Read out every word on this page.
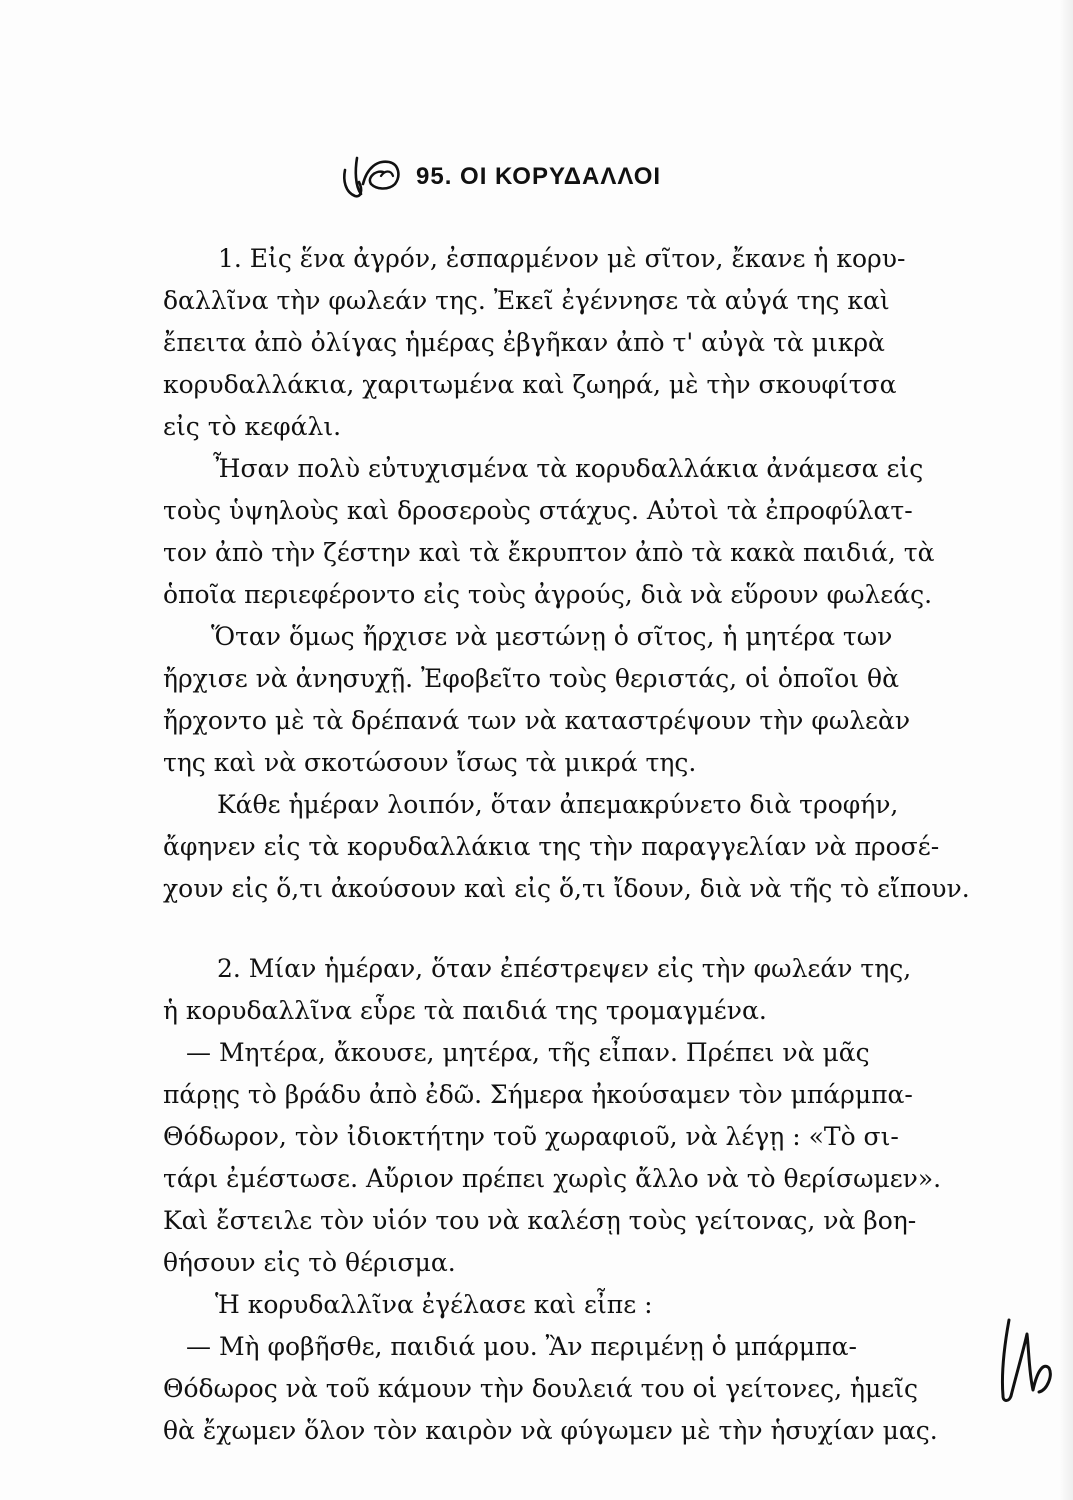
95. ΟΙ ΚΟΡΥΔΑΛΛΟΙ
1. Εἰς ἕνα ἀγρόν, ἐσπαρμένον μὲ σῖτον, ἔκανε ἡ κορυ-
δαλλῖνα τὴν φωλεάν της. Ἐκεῖ ἐγέννησε τὰ αὐγά της καὶ
ἔπειτα ἀπὸ ὀλίγας ἡμέρας ἐβγῆκαν ἀπὸ τ' αὐγὰ τὰ μικρὰ
κορυδαλλάκια, χαριτωμένα καὶ ζωηρά, μὲ τὴν σκουφίτσα
εἰς τὸ κεφάλι.
Ἦσαν πολὺ εὐτυχισμένα τὰ κορυδαλλάκια ἀνάμεσα εἰς
τοὺς ὑψηλοὺς καὶ δροσεροὺς στάχυς. Αὐτοὶ τὰ ἐπροφύλατ-
τον ἀπὸ τὴν ζέστην καὶ τὰ ἔκρυπτον ἀπὸ τὰ κακὰ παιδιά, τὰ
ὁποῖα περιεφέροντο εἰς τοὺς ἀγρούς, διὰ νὰ εὕρουν φωλεάς.
Ὅταν ὅμως ἤρχισε νὰ μεστώνῃ ὁ σῖτος, ἡ μητέρα των
ἤρχισε νὰ ἀνησυχῇ. Ἐφοβεῖτο τοὺς θεριστάς, οἱ ὁποῖοι θὰ
ἤρχοντο μὲ τὰ δρέπανά των νὰ καταστρέψουν τὴν φωλεὰν
της καὶ νὰ σκοτώσουν ἴσως τὰ μικρά της.
Κάθε ἡμέραν λοιπόν, ὅταν ἀπεμακρύνετο διὰ τροφήν,
ἄφηνεν εἰς τὰ κορυδαλλάκια της τὴν παραγγελίαν νὰ προσέ-
χουν εἰς ὅ,τι ἀκούσουν καὶ εἰς ὅ,τι ἴδουν, διὰ νὰ τῆς τὸ εἴπουν.
2. Μίαν ἡμέραν, ὅταν ἐπέστρεψεν εἰς τὴν φωλεάν της,
ἡ κορυδαλλῖνα εὗρε τὰ παιδιά της τρομαγμένα.
— Μητέρα, ἄκουσε, μητέρα, τῆς εἶπαν. Πρέπει νὰ μᾶς
πάρῃς τὸ βράδυ ἀπὸ ἐδῶ. Σήμερα ἠκούσαμεν τὸν μπάρμπα-
Θόδωρον, τὸν ἰδιοκτήτην τοῦ χωραφιοῦ, νὰ λέγῃ : «Τὸ σι-
τάρι ἐμέστωσε. Αὔριον πρέπει χωρὶς ἄλλο νὰ τὸ θερίσωμεν».
Καὶ ἔστειλε τὸν υἱόν του νὰ καλέσῃ τοὺς γείτονας, νὰ βοη-
θήσουν εἰς τὸ θέρισμα.
Ἡ κορυδαλλῖνα ἐγέλασε καὶ εἶπε :
— Μὴ φοβῆσθε, παιδιά μου. Ἂν περιμένῃ ὁ μπάρμπα-
Θόδωρος νὰ τοῦ κάμουν τὴν δουλειά του οἱ γείτονες, ἡμεῖς
θὰ ἔχωμεν ὅλον τὸν καιρὸν νὰ φύγωμεν μὲ τὴν ἡσυχίαν μας.
